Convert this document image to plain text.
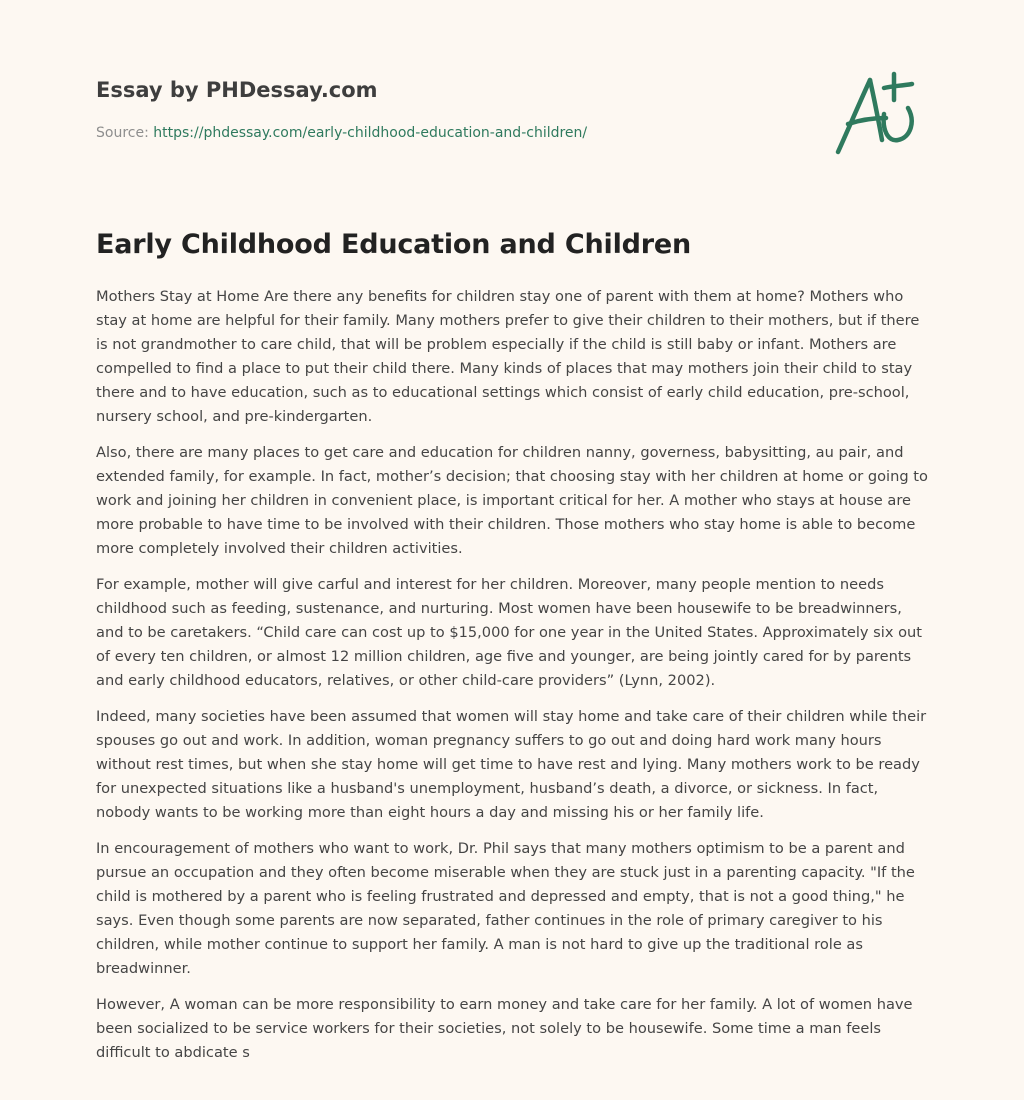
Essay by PHDessay.com
Source: https://phdessay.com/early-childhood-education-and-children/
Early Childhood Education and Children

Mothers Stay at Home Are there any benefits for children stay one of parent with them at home? Mothers who stay at home are helpful for their family. Many mothers prefer to give their children to their mothers, but if there is not grandmother to care child, that will be problem especially if the child is still baby or infant. Mothers are compelled to find a place to put their child there. Many kinds of places that may mothers join their child to stay there and to have education, such as to educational settings which consist of early child education, pre-school, nursery school, and pre-kindergarten.

Also, there are many places to get care and education for children nanny, governess, babysitting, au pair, and extended family, for example. In fact, mother’s decision; that choosing stay with her children at home or going to work and joining her children in convenient place, is important critical for her. A mother who stays at house are more probable to have time to be involved with their children. Those mothers who stay home is able to become more completely involved their children activities.

For example, mother will give carful and interest for her children. Moreover, many people mention to needs childhood such as feeding, sustenance, and nurturing. Most women have been housewife to be breadwinners, and to be caretakers. “Child care can cost up to $15,000 for one year in the United States. Approximately six out of every ten children, or almost 12 million children, age five and younger, are being jointly cared for by parents and early childhood educators, relatives, or other child-care providers” (Lynn, 2002).

Indeed, many societies have been assumed that women will stay home and take care of their children while their spouses go out and work. In addition, woman pregnancy suffers to go out and doing hard work many hours without rest times, but when she stay home will get time to have rest and lying. Many mothers work to be ready for unexpected situations like a husband's unemployment, husband’s death, a divorce, or sickness. In fact, nobody wants to be working more than eight hours a day and missing his or her family life.

In encouragement of mothers who want to work, Dr. Phil says that many mothers optimism to be a parent and pursue an occupation and they often become miserable when they are stuck just in a parenting capacity. "If the child is mothered by a parent who is feeling frustrated and depressed and empty, that is not a good thing," he says. Even though some parents are now separated, father continues in the role of primary caregiver to his children, while mother continue to support her family. A man is not hard to give up the traditional role as breadwinner.

However, A woman can be more responsibility to earn money and take care for her family. A lot of women have been socialized to be service workers for their societies, not solely to be housewife. Some time a man feels difficult to abdicate s
